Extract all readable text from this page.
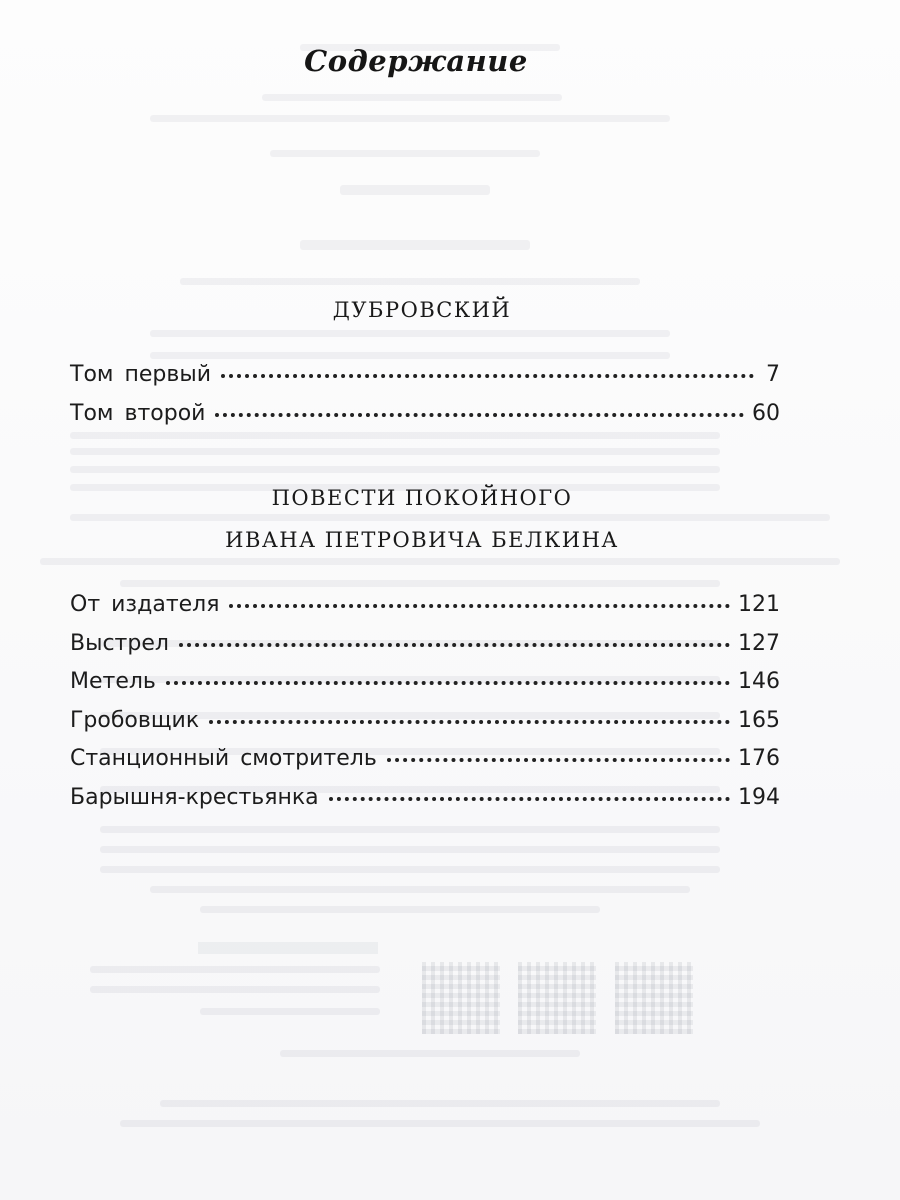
Содержание
ДУБРОВСКИЙ
Том первый	7
Том второй	60
ПОВЕСТИ ПОКОЙНОГО
ИВАНА ПЕТРОВИЧА БЕЛКИНА
От издателя	121
Выстрел	127
Метель	146
Гробовщик	165
Станционный смотритель	176
Барышня-крестьянка	194
